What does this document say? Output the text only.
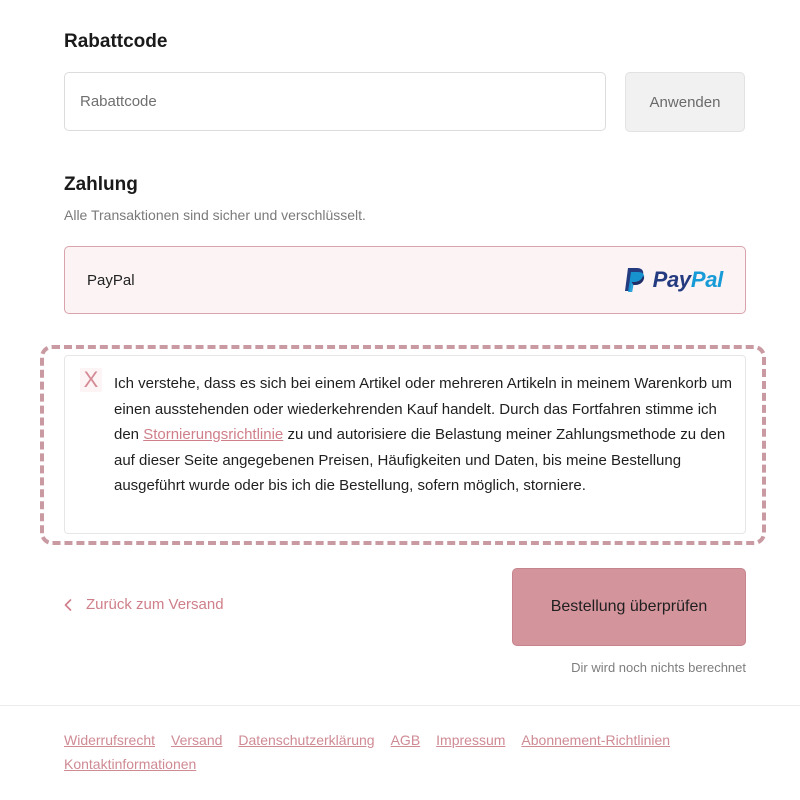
Rabattcode
Rabattcode
Anwenden
Zahlung
Alle Transaktionen sind sicher und verschlüsselt.
PayPal	PayPal
X Ich verstehe, dass es sich bei einem Artikel oder mehreren Artikeln in meinem Warenkorb um einen ausstehenden oder wiederkehrenden Kauf handelt. Durch das Fortfahren stimme ich den Stornierungsrichtlinie zu und autorisiere die Belastung meiner Zahlungsmethode zu den auf dieser Seite angegebenen Preisen, Häufigkeiten und Daten, bis meine Bestellung ausgeführt wurde oder bis ich die Bestellung, sofern möglich, storniere.
Zurück zum Versand	Bestellung überprüfen
Dir wird noch nichts berechnet
Widerrufsrecht Versand Datenschutzerklärung AGB Impressum Abonnement-Richtlinien
Kontaktinformationen
